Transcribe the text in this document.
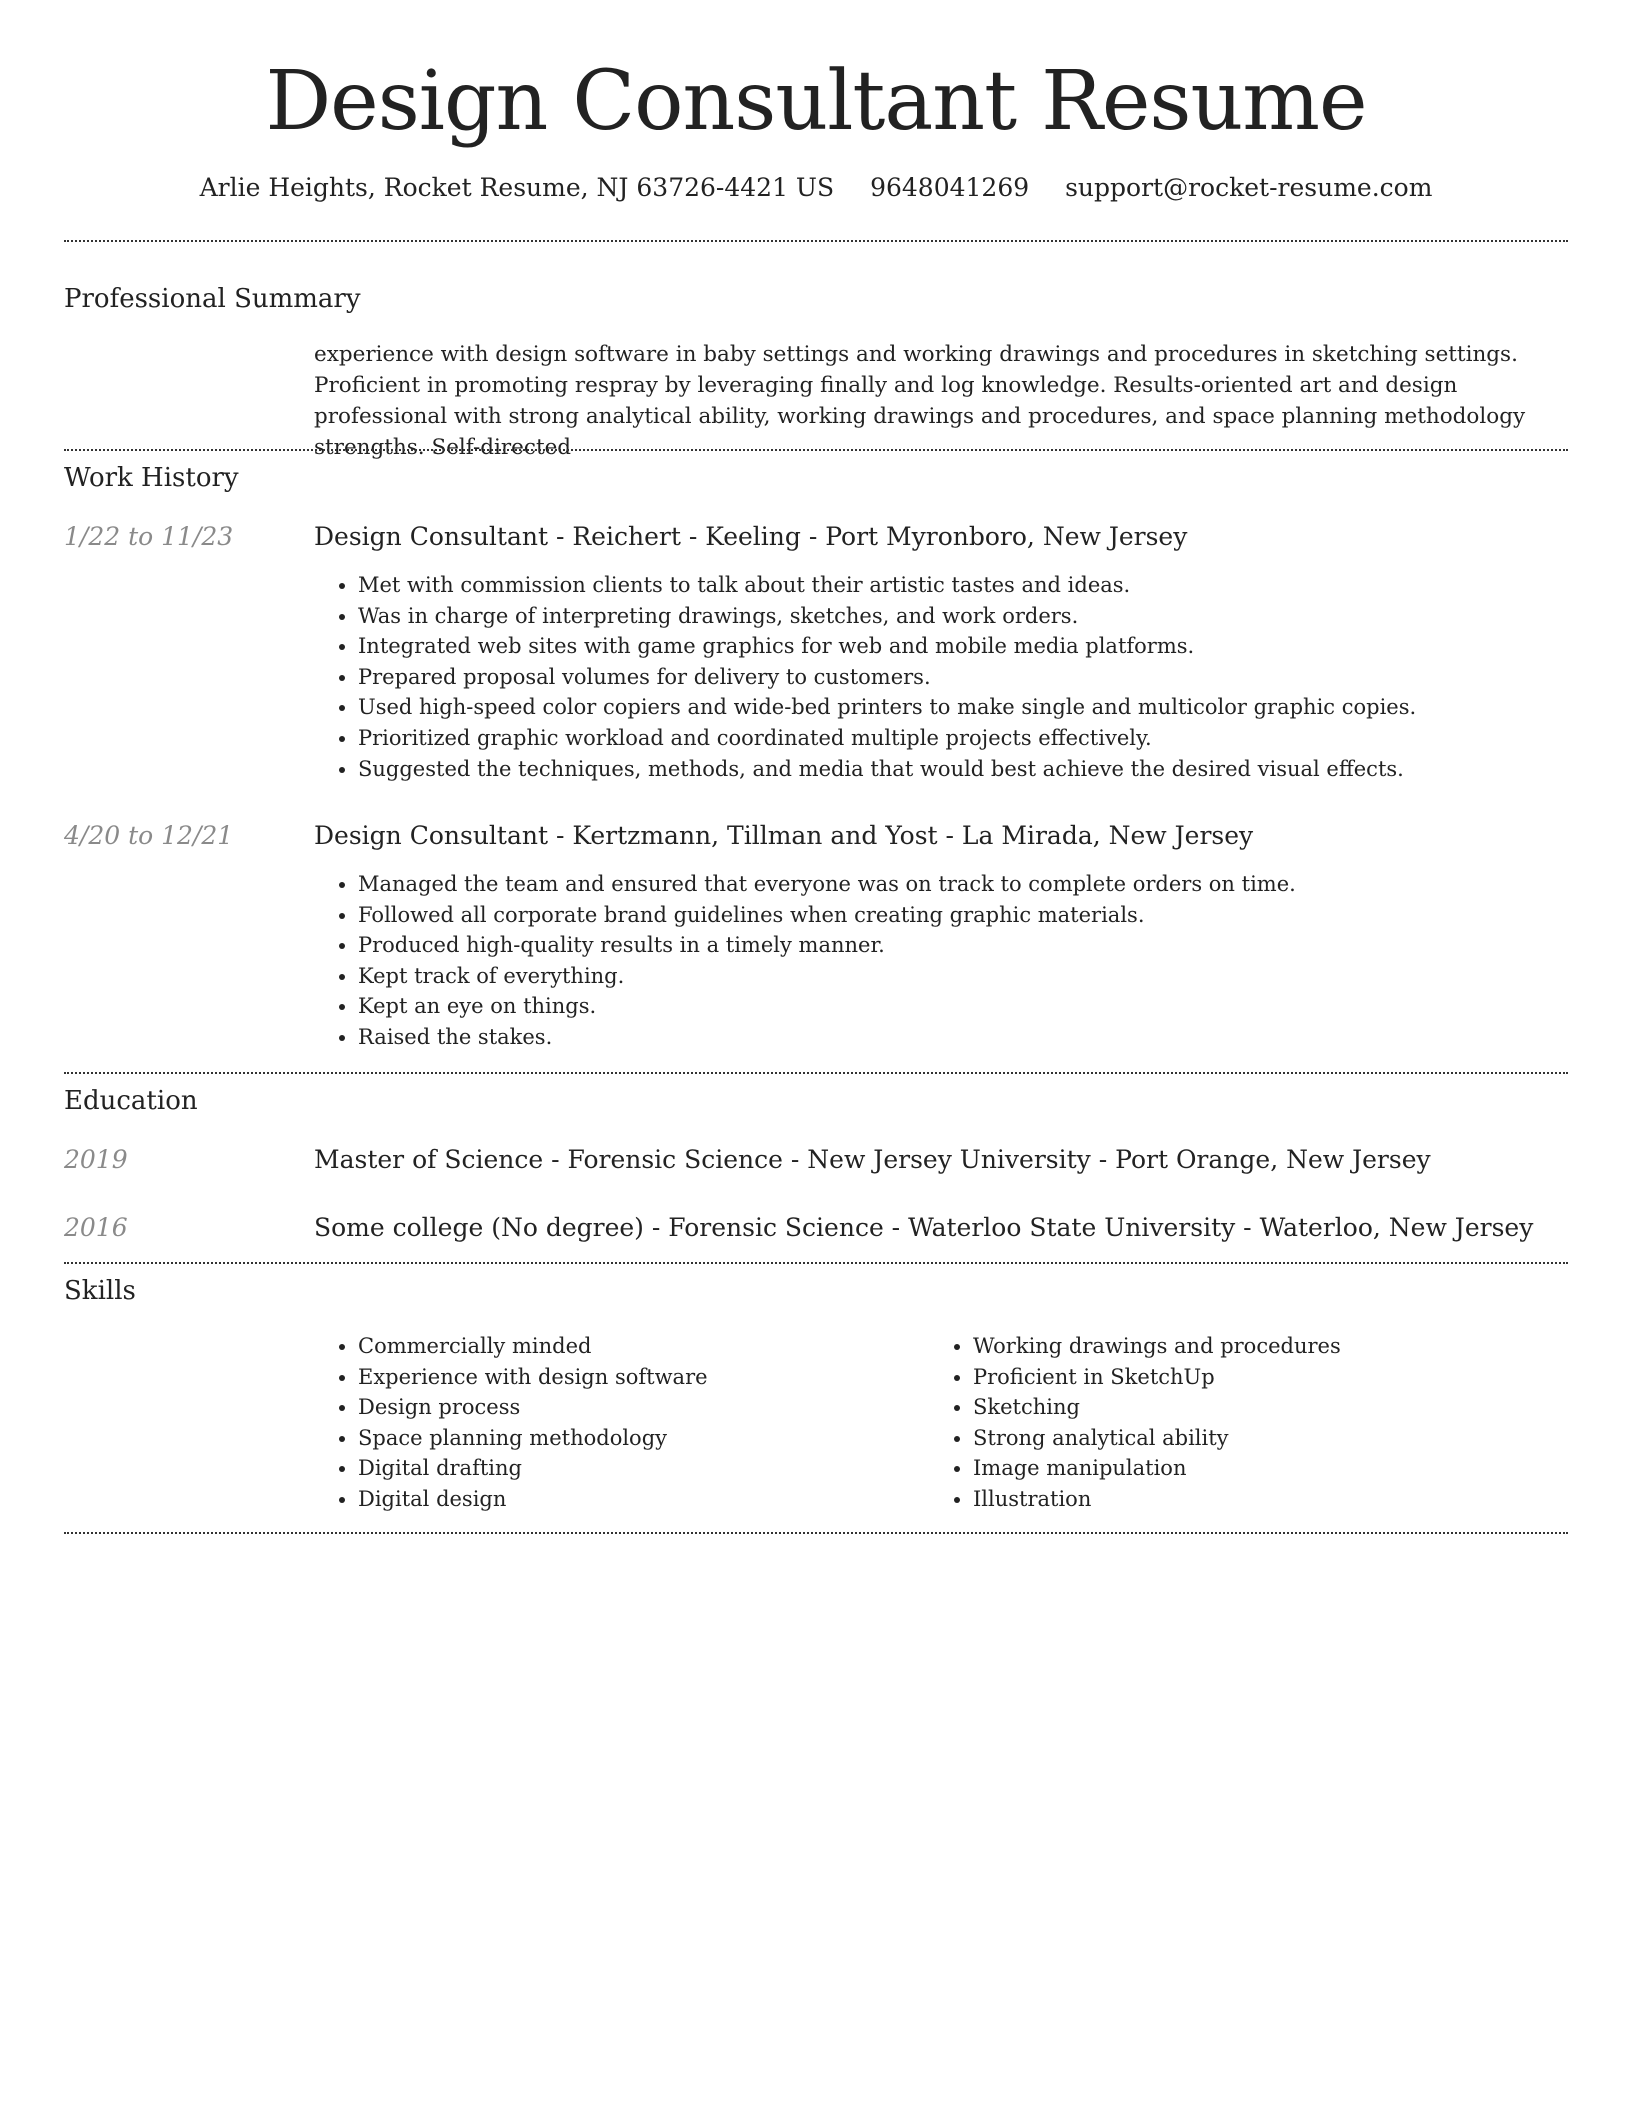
Design Consultant Resume
Arlie Heights, Rocket Resume, NJ 63726-4421 US 9648041269 support@rocket-resume.com
Professional Summary
experience with design software in baby settings and working drawings and procedures in sketching settings. Proficient in promoting respray by leveraging finally and log knowledge. Results-oriented art and design professional with strong analytical ability, working drawings and procedures, and space planning methodology strengths. Self-directed
Work History
1/22 to 11/23	Design Consultant - Reichert - Keeling - Port Myronboro, New Jersey
• Met with commission clients to talk about their artistic tastes and ideas.
• Was in charge of interpreting drawings, sketches, and work orders.
• Integrated web sites with game graphics for web and mobile media platforms.
• Prepared proposal volumes for delivery to customers.
• Used high-speed color copiers and wide-bed printers to make single and multicolor graphic copies.
• Prioritized graphic workload and coordinated multiple projects effectively.
• Suggested the techniques, methods, and media that would best achieve the desired visual effects.
4/20 to 12/21	Design Consultant - Kertzmann, Tillman and Yost - La Mirada, New Jersey
• Managed the team and ensured that everyone was on track to complete orders on time.
• Followed all corporate brand guidelines when creating graphic materials.
• Produced high-quality results in a timely manner.
• Kept track of everything.
• Kept an eye on things.
• Raised the stakes.
Education
2019	Master of Science - Forensic Science - New Jersey University - Port Orange, New Jersey
2016	Some college (No degree) - Forensic Science - Waterloo State University - Waterloo, New Jersey
Skills
• Commercially minded
• Experience with design software
• Design process
• Space planning methodology
• Digital drafting
• Digital design
• Working drawings and procedures
• Proficient in SketchUp
• Sketching
• Strong analytical ability
• Image manipulation
• Illustration
